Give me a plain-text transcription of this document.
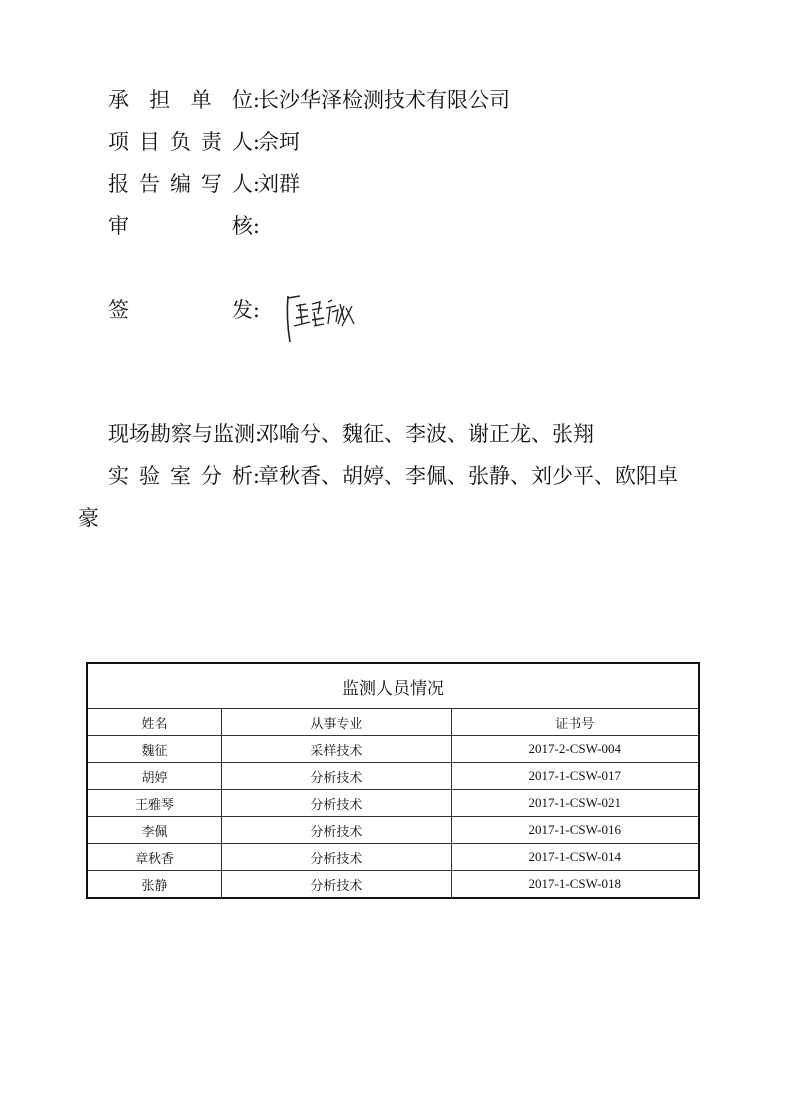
承 担 单 位:
长沙华泽检测技术有限公司
项 目 负 责 人:
佘珂
报 告 编 写 人:
刘群
审	核:
签	发:
现 场 勘 察 与 监 测:
邓喻兮、魏征、李波、谢正龙、张翔
实 验 室 分 析:
章秋香、胡婷、李佩、张静、刘少平、欧阳卓
豪
监测人员情况		
姓名	从事专业	证书号
魏征	采样技术	2017-2-CSW-004
胡婷	分析技术	2017-1-CSW-017
王雅琴	分析技术	2017-1-CSW-021
李佩	分析技术	2017-1-CSW-016
章秋香	分析技术	2017-1-CSW-014
张静	分析技术	2017-1-CSW-018
